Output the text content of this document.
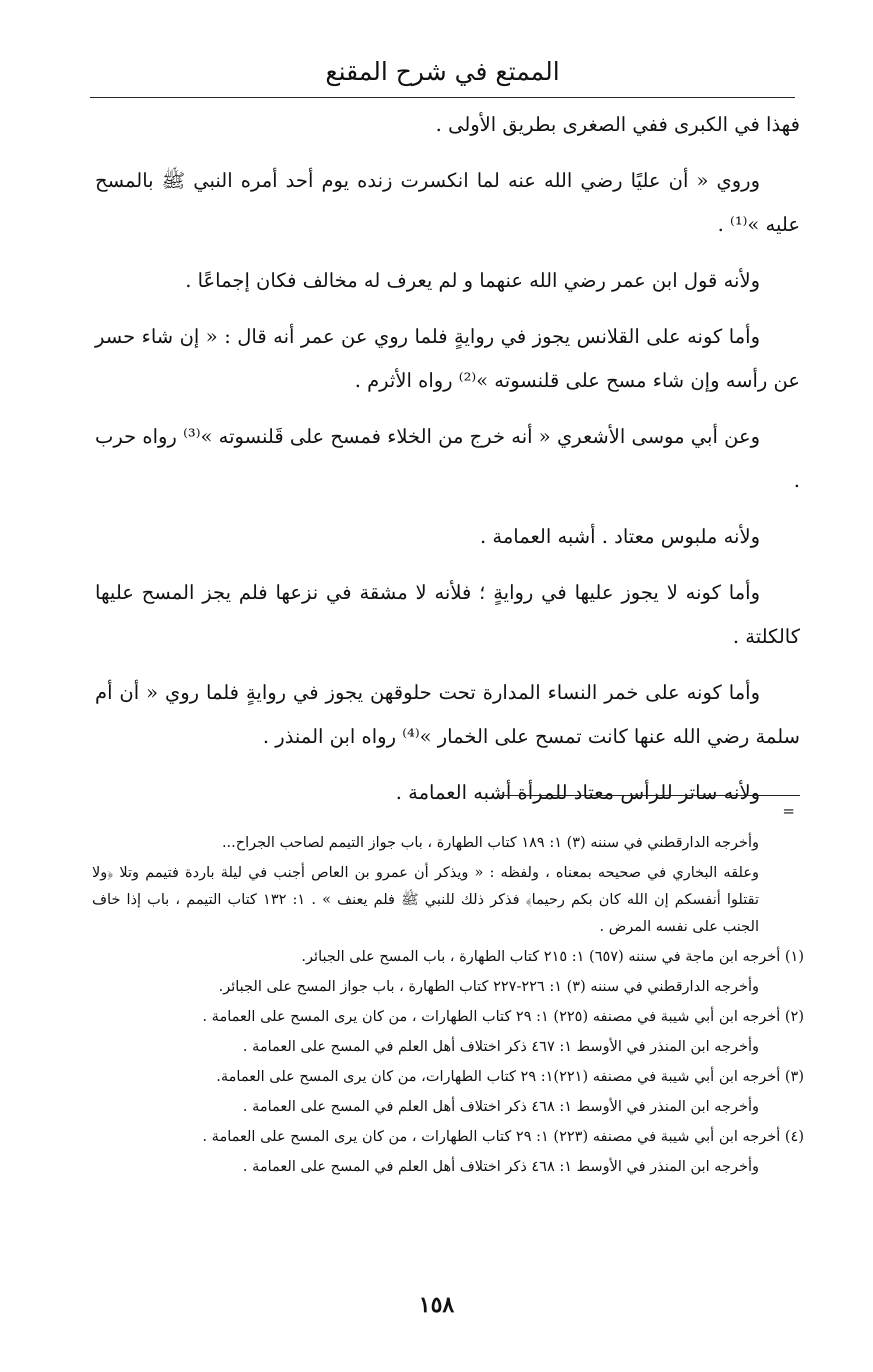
الممتع في شرح المقنع

فهذا في الكبرى ففي الصغرى بطريق الأولى .

وروي « أن عليًا رضي الله عنه لما انكسرت زنده يوم أحد أمره النبي ﷺ بالمسح عليه »⁽¹⁾ .

ولأنه قول ابن عمر رضي الله عنهما و لم يعرف له مخالف فكان إجماعًا .

وأما كونه على القلانس يجوز في روايةٍ فلما روي عن عمر أنه قال : « إن شاء حسر عن رأسه وإن شاء مسح على قلنسوته »⁽²⁾ رواه الأثرم .

وعن أبي موسى الأشعري « أنه خرج من الخلاء فمسح على قَلنسوته »⁽³⁾ رواه حرب .

ولأنه ملبوس معتاد . أشبه العمامة .

وأما كونه لا يجوز عليها في روايةٍ ؛ فلأنه لا مشقة في نزعها فلم يجز المسح عليها كالكلتة .

وأما كونه على خمر النساء المدارة تحت حلوقهن يجوز في روايةٍ فلما روي « أن أم سلمة رضي الله عنها كانت تمسح على الخمار »⁽⁴⁾ رواه ابن المنذر .

ولأنه ساتر للرأس معتاد للمرأة أشبه العمامة .

=

وأخرجه الدارقطني في سننه (٣) ١: ١٨٩ كتاب الطهارة ، باب جواز التيمم لصاحب الجراح...

وعلقه البخاري في صحيحه بمعناه ، ولفظه : « ويذكر أن عمرو بن العاص أجنب في ليلة باردة فتيمم وتلا ﴿ولا تقتلوا أنفسكم إن الله كان بكم رحيما﴾ فذكر ذلك للنبي ﷺ فلم يعنف » . ١: ١٣٢ كتاب التيمم ، باب إذا خاف الجنب على نفسه المرض .

(١) أخرجه ابن ماجة في سننه (٦٥٧) ١: ٢١٥ كتاب الطهارة ، باب المسح على الجبائر.

وأخرجه الدارقطني في سننه (٣) ١: ٢٢٦-٢٢٧ كتاب الطهارة ، باب جواز المسح على الجبائر.

(٢) أخرجه ابن أبي شيبة في مصنفه (٢٢٥) ١: ٢٩ كتاب الطهارات ، من كان يرى المسح على العمامة .

وأخرجه ابن المنذر في الأوسط ١: ٤٦٧ ذكر اختلاف أهل العلم في المسح على العمامة .

(٣) أخرجه ابن أبي شيبة في مصنفه (٢٢١)١: ٢٩ كتاب الطهارات، من كان يرى المسح على العمامة.

وأخرجه ابن المنذر في الأوسط ١: ٤٦٨ ذكر اختلاف أهل العلم في المسح على العمامة .

(٤) أخرجه ابن أبي شيبة في مصنفه (٢٢٣) ١: ٢٩ كتاب الطهارات ، من كان يرى المسح على العمامة .

وأخرجه ابن المنذر في الأوسط ١: ٤٦٨ ذكر اختلاف أهل العلم في المسح على العمامة .

١٥٨
